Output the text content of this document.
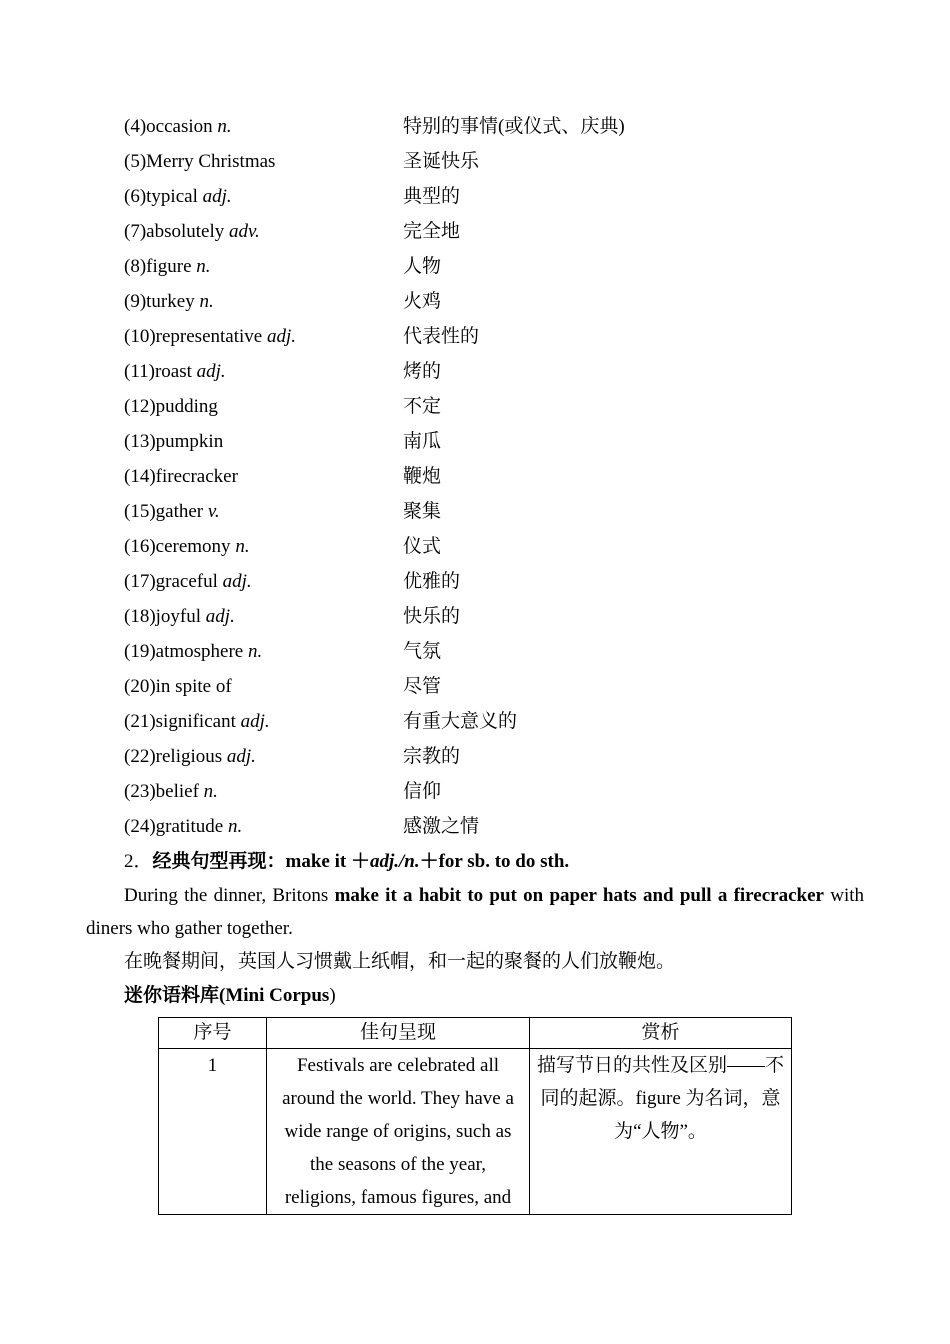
(4)occasion n.	特别的事情(或仪式、庆典)
(5)Merry Christmas	圣诞快乐
(6)typical adj.	典型的
(7)absolutely adv.	完全地
(8)figure n.	人物
(9)turkey n.	火鸡
(10)representative adj.	代表性的
(11)roast adj.	烤的
(12)pudding	不定
(13)pumpkin	南瓜
(14)firecracker	鞭炮
(15)gather v.	聚集
(16)ceremony n.	仪式
(17)graceful adj.	优雅的
(18)joyful adj.	快乐的
(19)atmosphere n.	气氛
(20)in spite of	尽管
(21)significant adj.	有重大意义的
(22)religious adj.	宗教的
(23)belief n.	信仰
(24)gratitude n.	感激之情
2．经典句型再现：make it ＋adj./n.＋for sb. to do sth.
During the dinner, Britons make it a habit to put on paper hats and pull a firecracker with
diners who gather together.
在晚餐期间，英国人习惯戴上纸帽，和一起的聚餐的人们放鞭炮。
迷你语料库(Mini Corpus)
序号	佳句呈现	赏析
1	Festivals are celebrated all around the world. They have a wide range of origins, such as the seasons of the year, religions, famous figures, and	描写节日的共性及区别——不同的起源。figure 为名词，意为“人物”。
